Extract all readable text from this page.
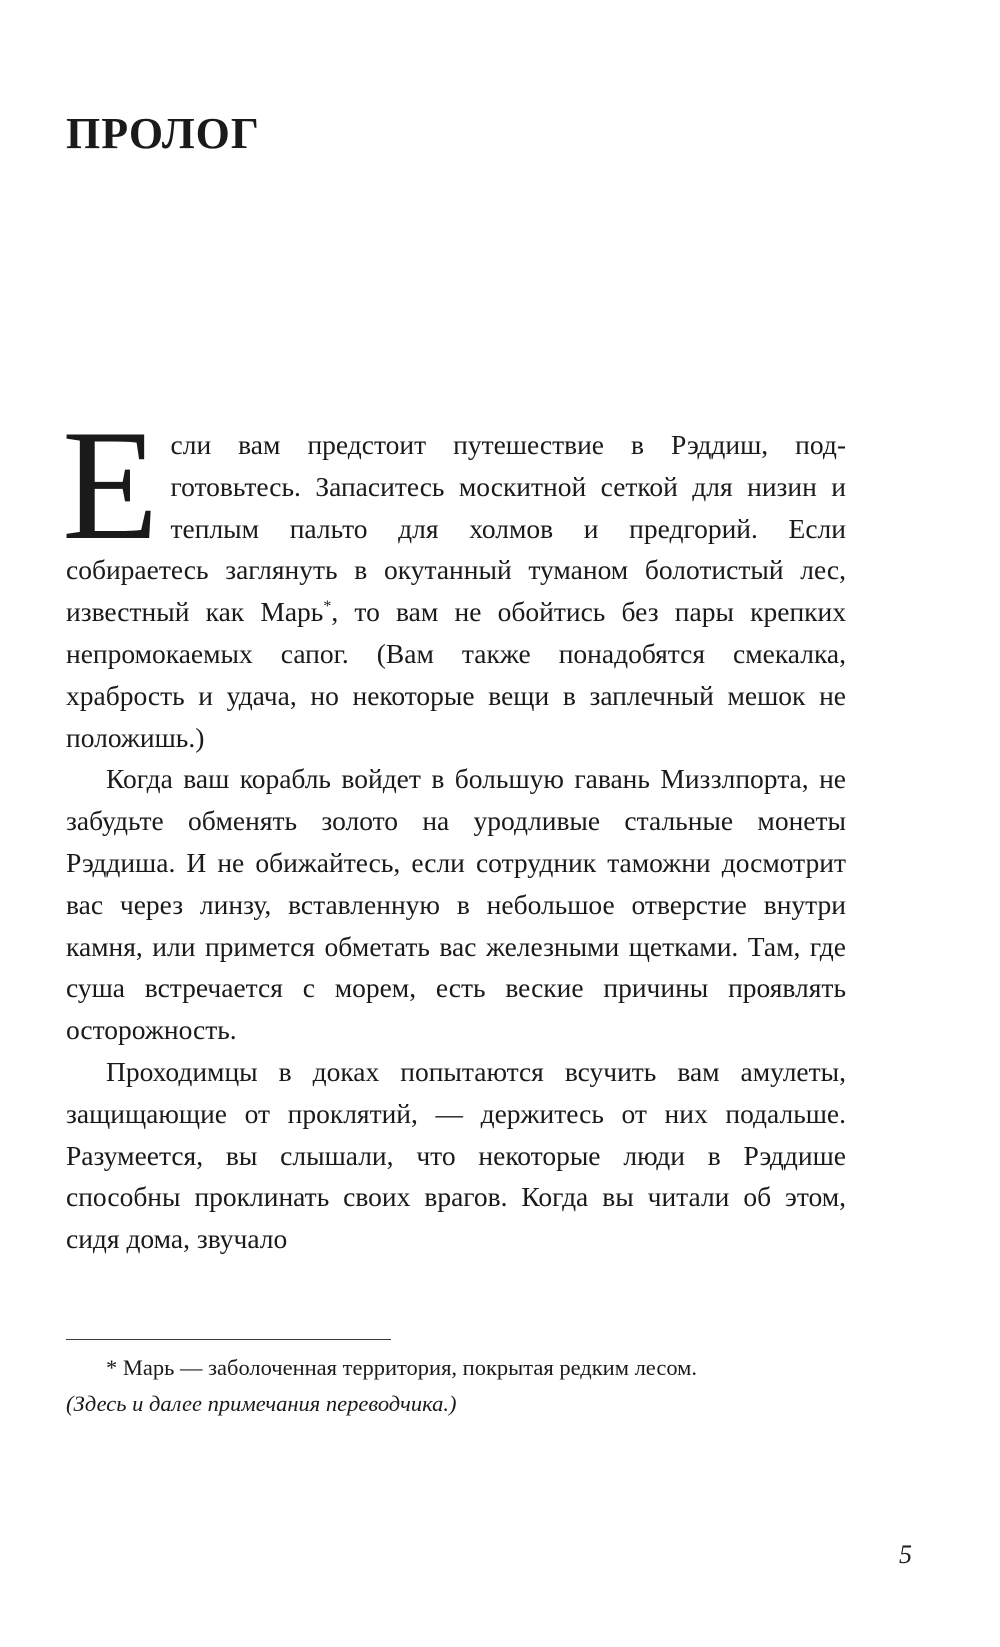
ПРОЛОГ

Если вам предстоит путешествие в Рэддиш, подготовьтесь. Запаситесь москитной сеткой для низин и теплым пальто для холмов и предгорий. Если собираетесь заглянуть в окутанный туманом болотистый лес, известный как Марь*, то вам не обойтись без пары крепких непромокаемых сапог. (Вам также понадобятся смекалка, храбрость и удача, но некоторые вещи в заплечный мешок не положишь.)

Когда ваш корабль войдет в большую гавань Миззлпорта, не забудьте обменять золото на уродливые стальные монеты Рэддиша. И не обижайтесь, если сотрудник таможни досмотрит вас через линзу, вставленную в небольшое отверстие внутри камня, или примется обметать вас железными щетками. Там, где суша встречается с морем, есть веские причины проявлять осторожность.

Проходимцы в доках попытаются всучить вам амулеты, защищающие от проклятий, — держитесь от них подальше. Разумеется, вы слышали, что некоторые люди в Рэддише способны проклинать своих врагов. Когда вы читали об этом, сидя дома, звучало

* Марь — заболоченная территория, покрытая редким лесом.

(Здесь и далее примечания переводчика.)

5
